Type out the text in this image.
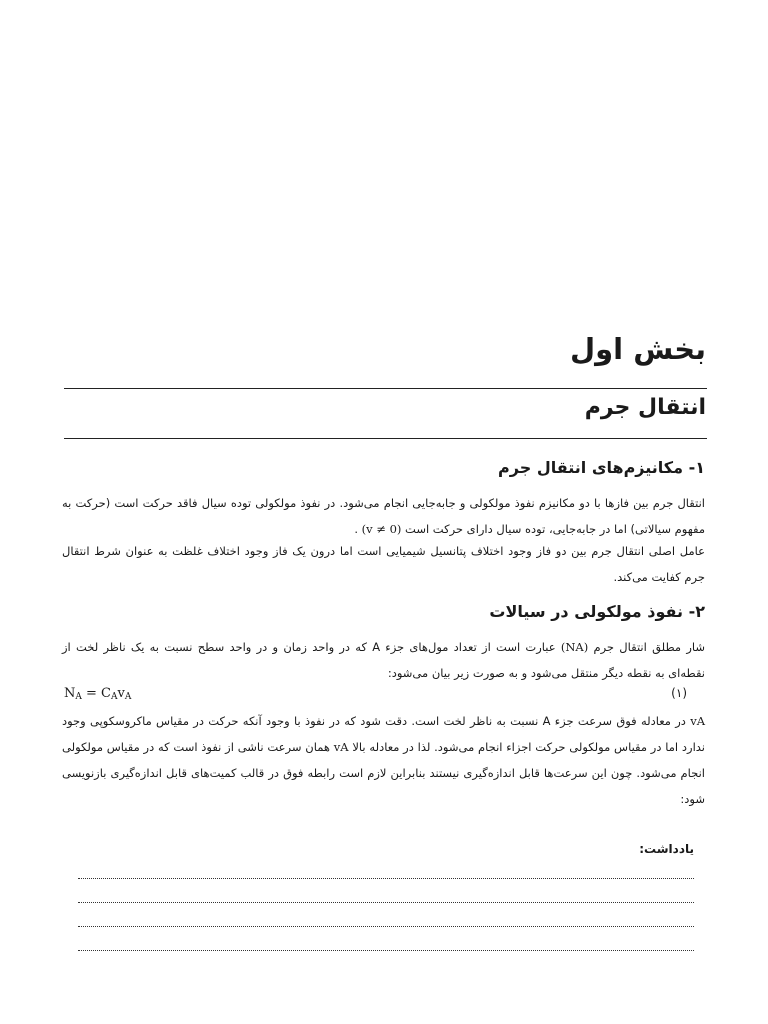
بخش اول
انتقال جرم
۱- مکانیزم‌های انتقال جرم

انتقال جرم بین فازها با دو مکانیزم نفوذ مولکولی و جابه‌جایی انجام می‌شود. در نفوذ مولکولی توده سیال فاقد حرکت است (حرکت به مفهوم سیالاتی) اما در جابه‌جایی، توده سیال دارای حرکت است (v ≠ 0) .

عامل اصلی انتقال جرم بین دو فاز وجود اختلاف پتانسیل شیمیایی است اما درون یک فاز وجود اختلاف غلظت به عنوان شرط انتقال جرم کفایت می‌کند.

۲- نفوذ مولکولی در سیالات

شار مطلق انتقال جرم (NA) عبارت است از تعداد مول‌های جزء A که در واحد زمان و در واحد سطح نسبت به یک ناظر لخت از نقطه‌ای به نقطه دیگر منتقل می‌شود و به صورت زیر بیان می‌شود:

$N_A = C_Av_A$	(۱)

vA در معادله فوق سرعت جزء A نسبت به ناظر لخت است. دقت شود که در نفوذ با وجود آنکه حرکت در مقیاس ماکروسکوپی وجود ندارد اما در مقیاس مولکولی حرکت اجزاء انجام می‌شود. لذا در معادله بالا vA همان سرعت ناشی از نفوذ است که در مقیاس مولکولی انجام می‌شود. چون این سرعت‌ها قابل اندازه‌گیری نیستند بنابراین لازم است رابطه فوق در قالب کمیت‌های قابل اندازه‌گیری بازنویسی شود:

یادداشت:
